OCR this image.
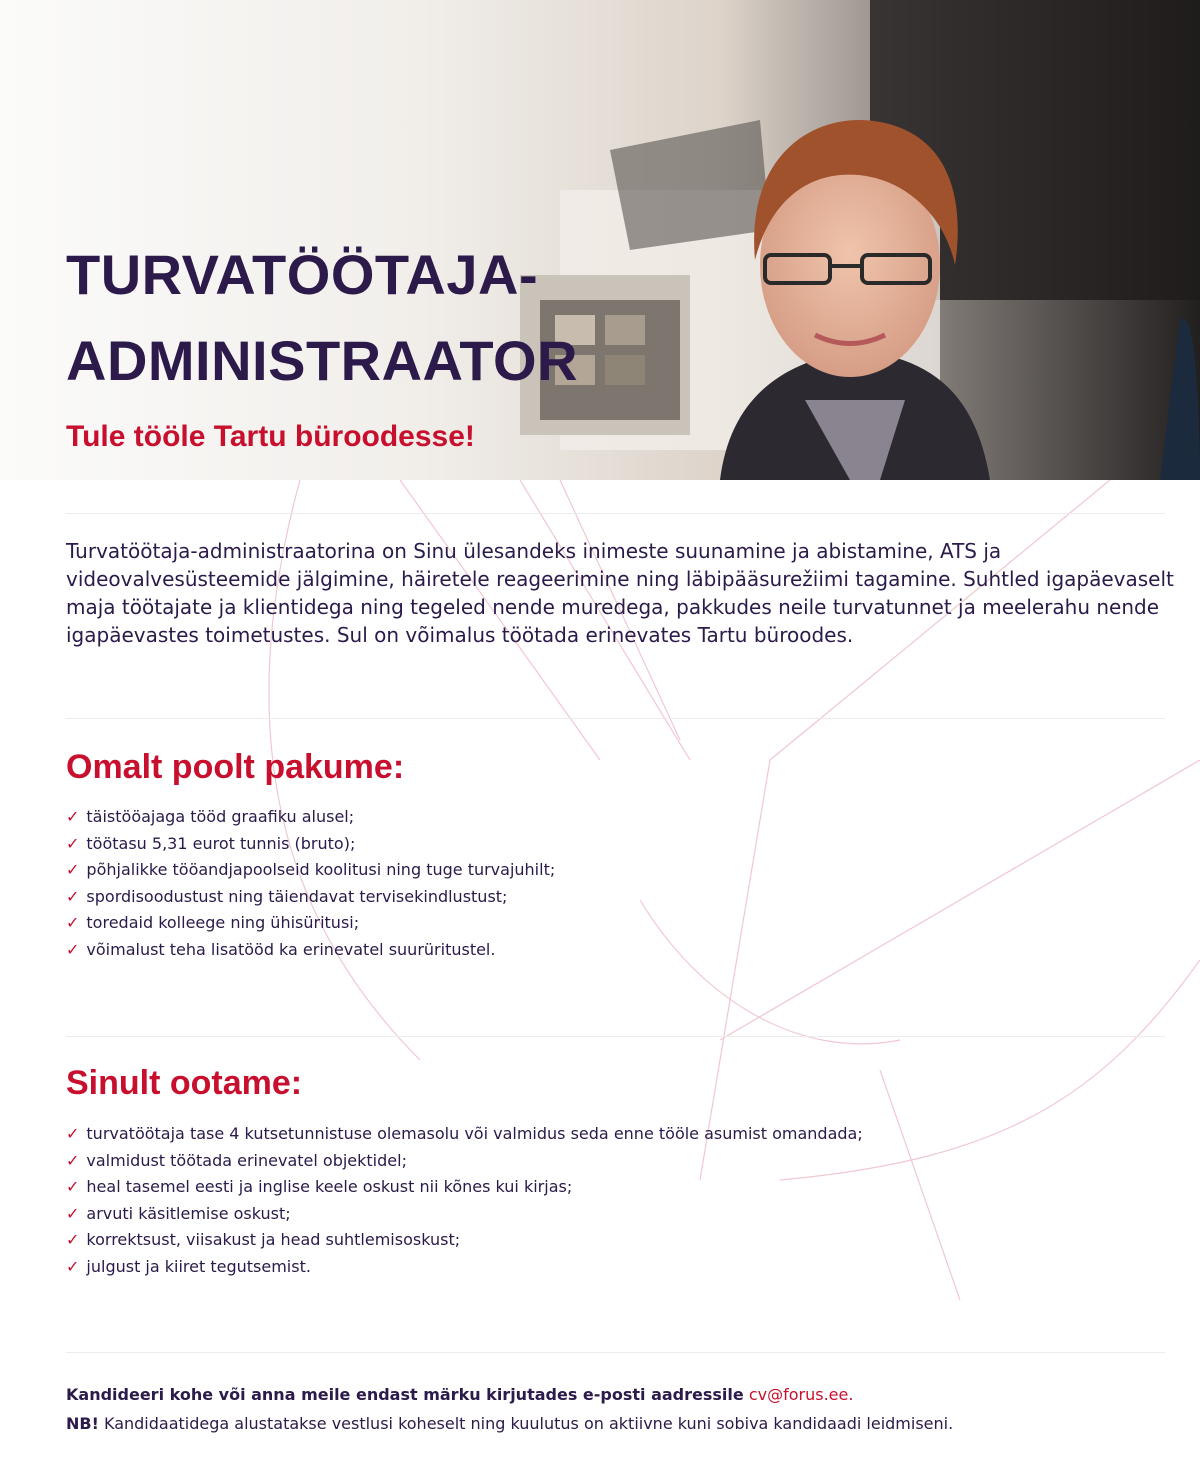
TURVATÖÖTAJA-
ADMINISTRAATOR

Tule tööle Tartu büroodesse!

Turvatöötaja-administraatorina on Sinu ülesandeks inimeste suunamine ja abistamine, ATS ja videovalvesüsteemide jälgimine, häiretele reageerimine ning läbipääsurežiimi tagamine. Suhtled igapäevaselt maja töötajate ja klientidega ning tegeled nende muredega, pakkudes neile turvatunnet ja meelerahu nende igapäevastes toimetustes. Sul on võimalus töötada erinevates Tartu büroodes.

Omalt poolt pakume:
✓ täistööajaga tööd graafiku alusel;
✓ töötasu 5,31 eurot tunnis (bruto);
✓ põhjalikke tööandjapoolseid koolitusi ning tuge turvajuhilt;
✓ spordisoodustust ning täiendavat tervisekindlustust;
✓ toredaid kolleege ning ühisüritusi;
✓ võimalust teha lisatööd ka erinevatel suurüritustel.
Sinult ootame:
✓ turvatöötaja tase 4 kutsetunnistuse olemasolu või valmidus seda enne tööle asumist omandada;
✓ valmidust töötada erinevatel objektidel;
✓ heal tasemel eesti ja inglise keele oskust nii kõnes kui kirjas;
✓ arvuti käsitlemise oskust;
✓ korrektsust, viisakust ja head suhtlemisoskust;
✓ julgust ja kiiret tegutsemist.

Kandideeri kohe või anna meile endast märku kirjutades e-posti aadressile cv@forus.ee.

NB! Kandidaatidega alustatakse vestlusi koheselt ning kuulutus on aktiivne kuni sobiva kandidaadi leidmiseni.
